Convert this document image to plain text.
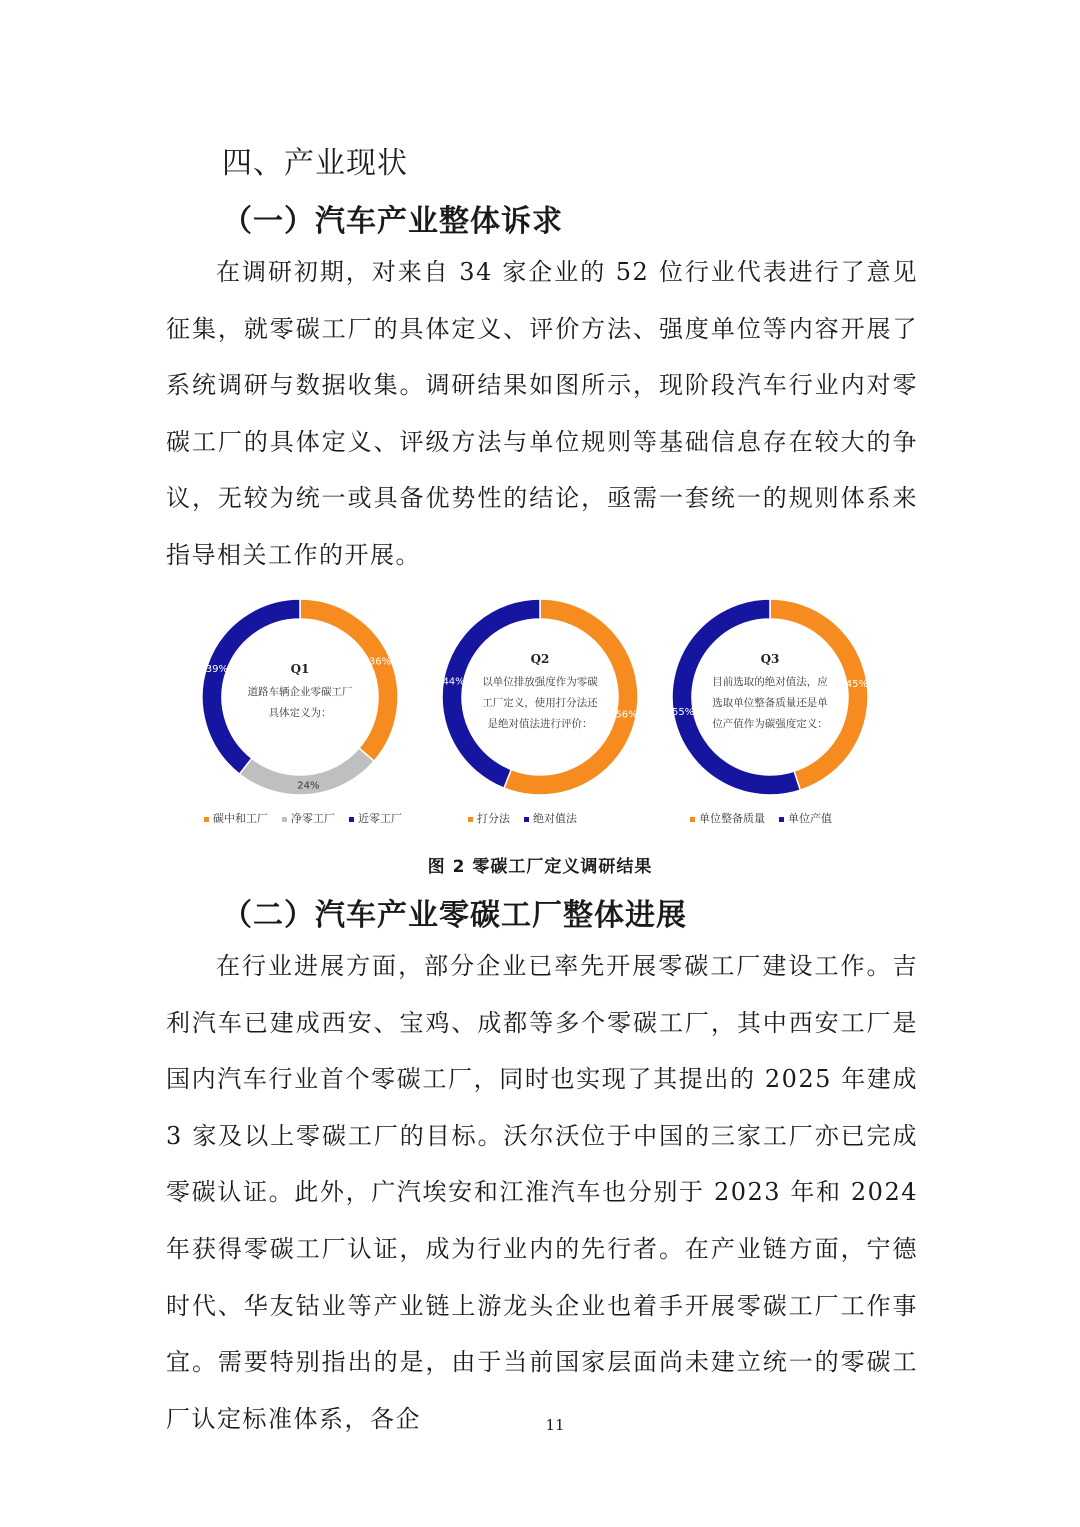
四、产业现状
（一）汽车产业整体诉求

在调研初期，对来自 34 家企业的 52 位行业代表进行了意见征集，就零碳工厂的具体定义、评价方法、强度单位等内容开展了系统调研与数据收集。调研结果如图所示，现阶段汽车行业内对零碳工厂的具体定义、评级方法与单位规则等基础信息存在较大的争议，无较为统一或具备优势性的结论，亟需一套统一的规则体系来指导相关工作的开展。

36%
24%
39%	Q1
道路车辆企业零碳工厂
具体定义为：
碳中和工厂 净零工厂 近零工厂
56%
44%
Q2
以单位排放强度作为零碳
工厂定义，使用打分法还
是绝对值法进行评价：
打分法 绝对值法
45%
55%
Q3
目前选取的绝对值法，应
选取单位整备质量还是单
位产值作为碳强度定义：
单位整备质量 单位产值
图 2 零碳工厂定义调研结果
（二）汽车产业零碳工厂整体进展

在行业进展方面，部分企业已率先开展零碳工厂建设工作。吉利汽车已建成西安、宝鸡、成都等多个零碳工厂，其中西安工厂是国内汽车行业首个零碳工厂，同时也实现了其提出的 2025 年建成 3 家及以上零碳工厂的目标。沃尔沃位于中国的三家工厂亦已完成零碳认证。此外，广汽埃安和江淮汽车也分别于 2023 年和 2024 年获得零碳工厂认证，成为行业内的先行者。在产业链方面，宁德时代、华友钴业等产业链上游龙头企业也着手开展零碳工厂工作事宜。需要特别指出的是，由于当前国家层面尚未建立统一的零碳工厂认定标准体系，各企	11
